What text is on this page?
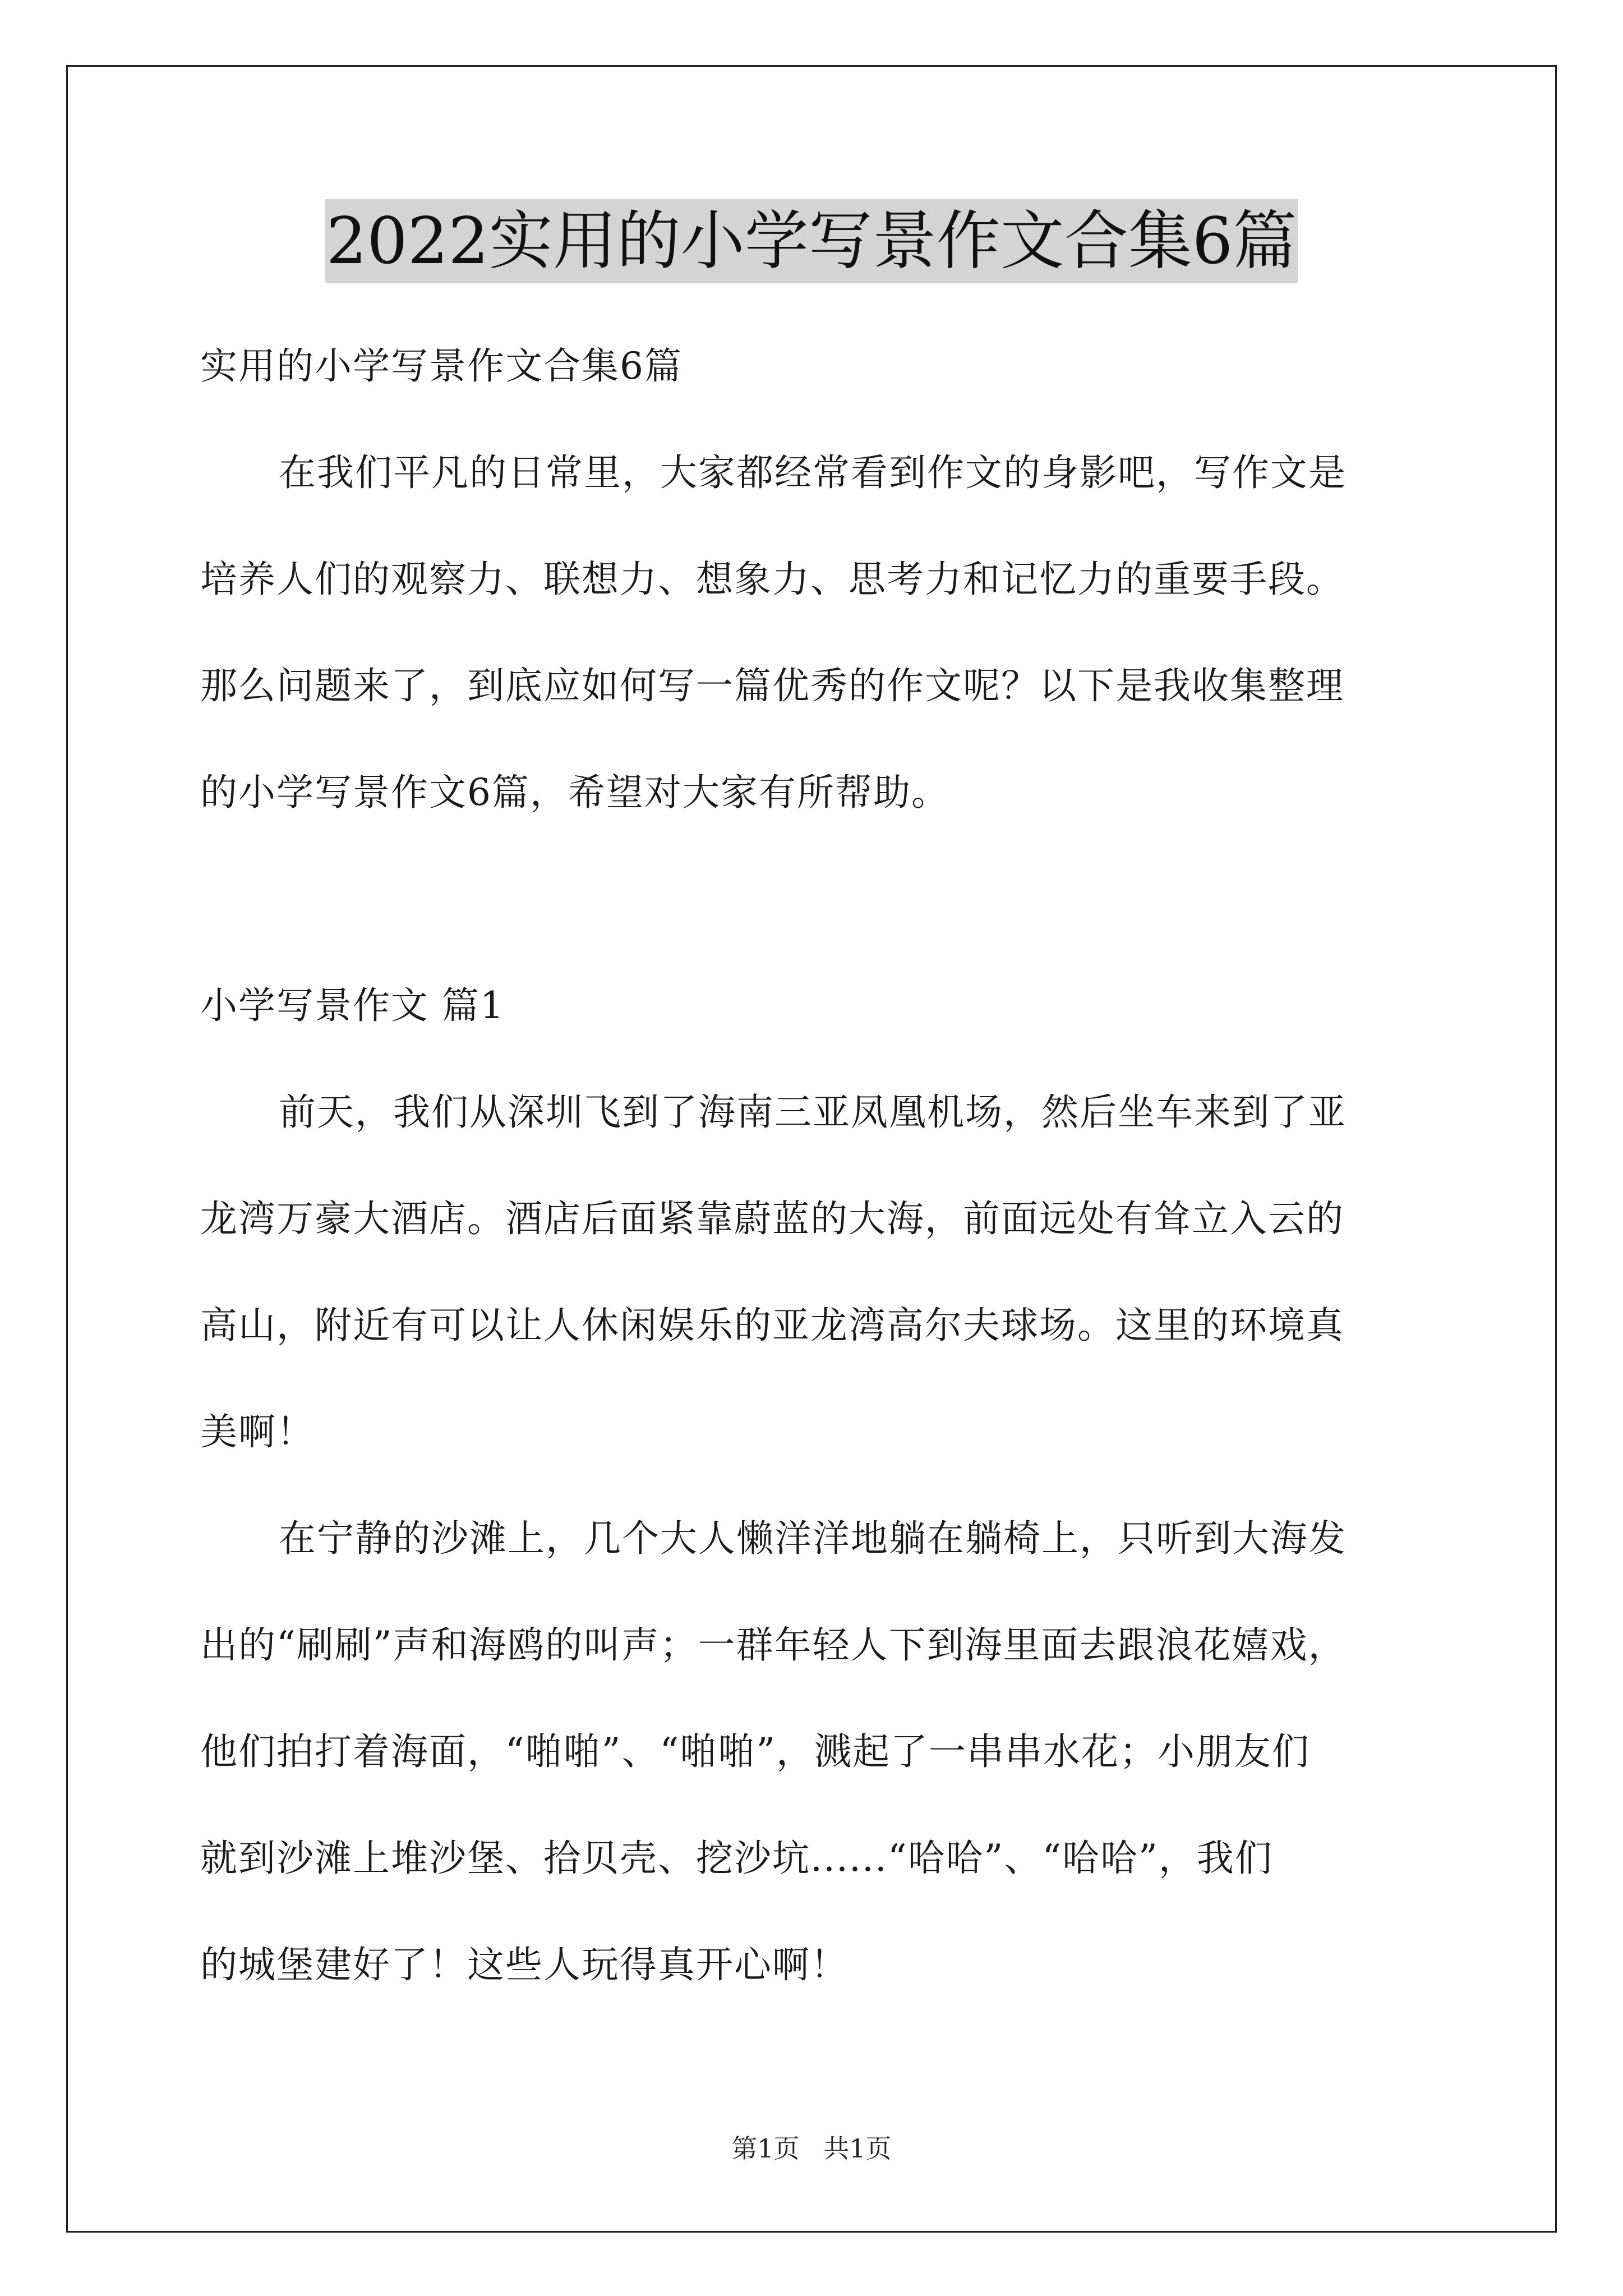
2022实用的小学写景作文合集6篇
实用的小学写景作文合集6篇
在我们平凡的日常里，大家都经常看到作文的身影吧，写作文是
培养人们的观察力、联想力、想象力、思考力和记忆力的重要手段。
那么问题来了，到底应如何写一篇优秀的作文呢？以下是我收集整理
的小学写景作文6篇，希望对大家有所帮助。
小学写景作文 篇1
前天，我们从深圳飞到了海南三亚凤凰机场，然后坐车来到了亚
龙湾万豪大酒店。酒店后面紧靠蔚蓝的大海，前面远处有耸立入云的
高山，附近有可以让人休闲娱乐的亚龙湾高尔夫球场。这里的环境真
美啊！
在宁静的沙滩上，几个大人懒洋洋地躺在躺椅上，只听到大海发
出的“刷刷”声和海鸥的叫声；一群年轻人下到海里面去跟浪花嬉戏，
他们拍打着海面，“啪啪”、“啪啪”，溅起了一串串水花；小朋友们
就到沙滩上堆沙堡、拾贝壳、挖沙坑......“哈哈”、“哈哈”，我们
的城堡建好了！这些人玩得真开心啊！
第1页 共1页
